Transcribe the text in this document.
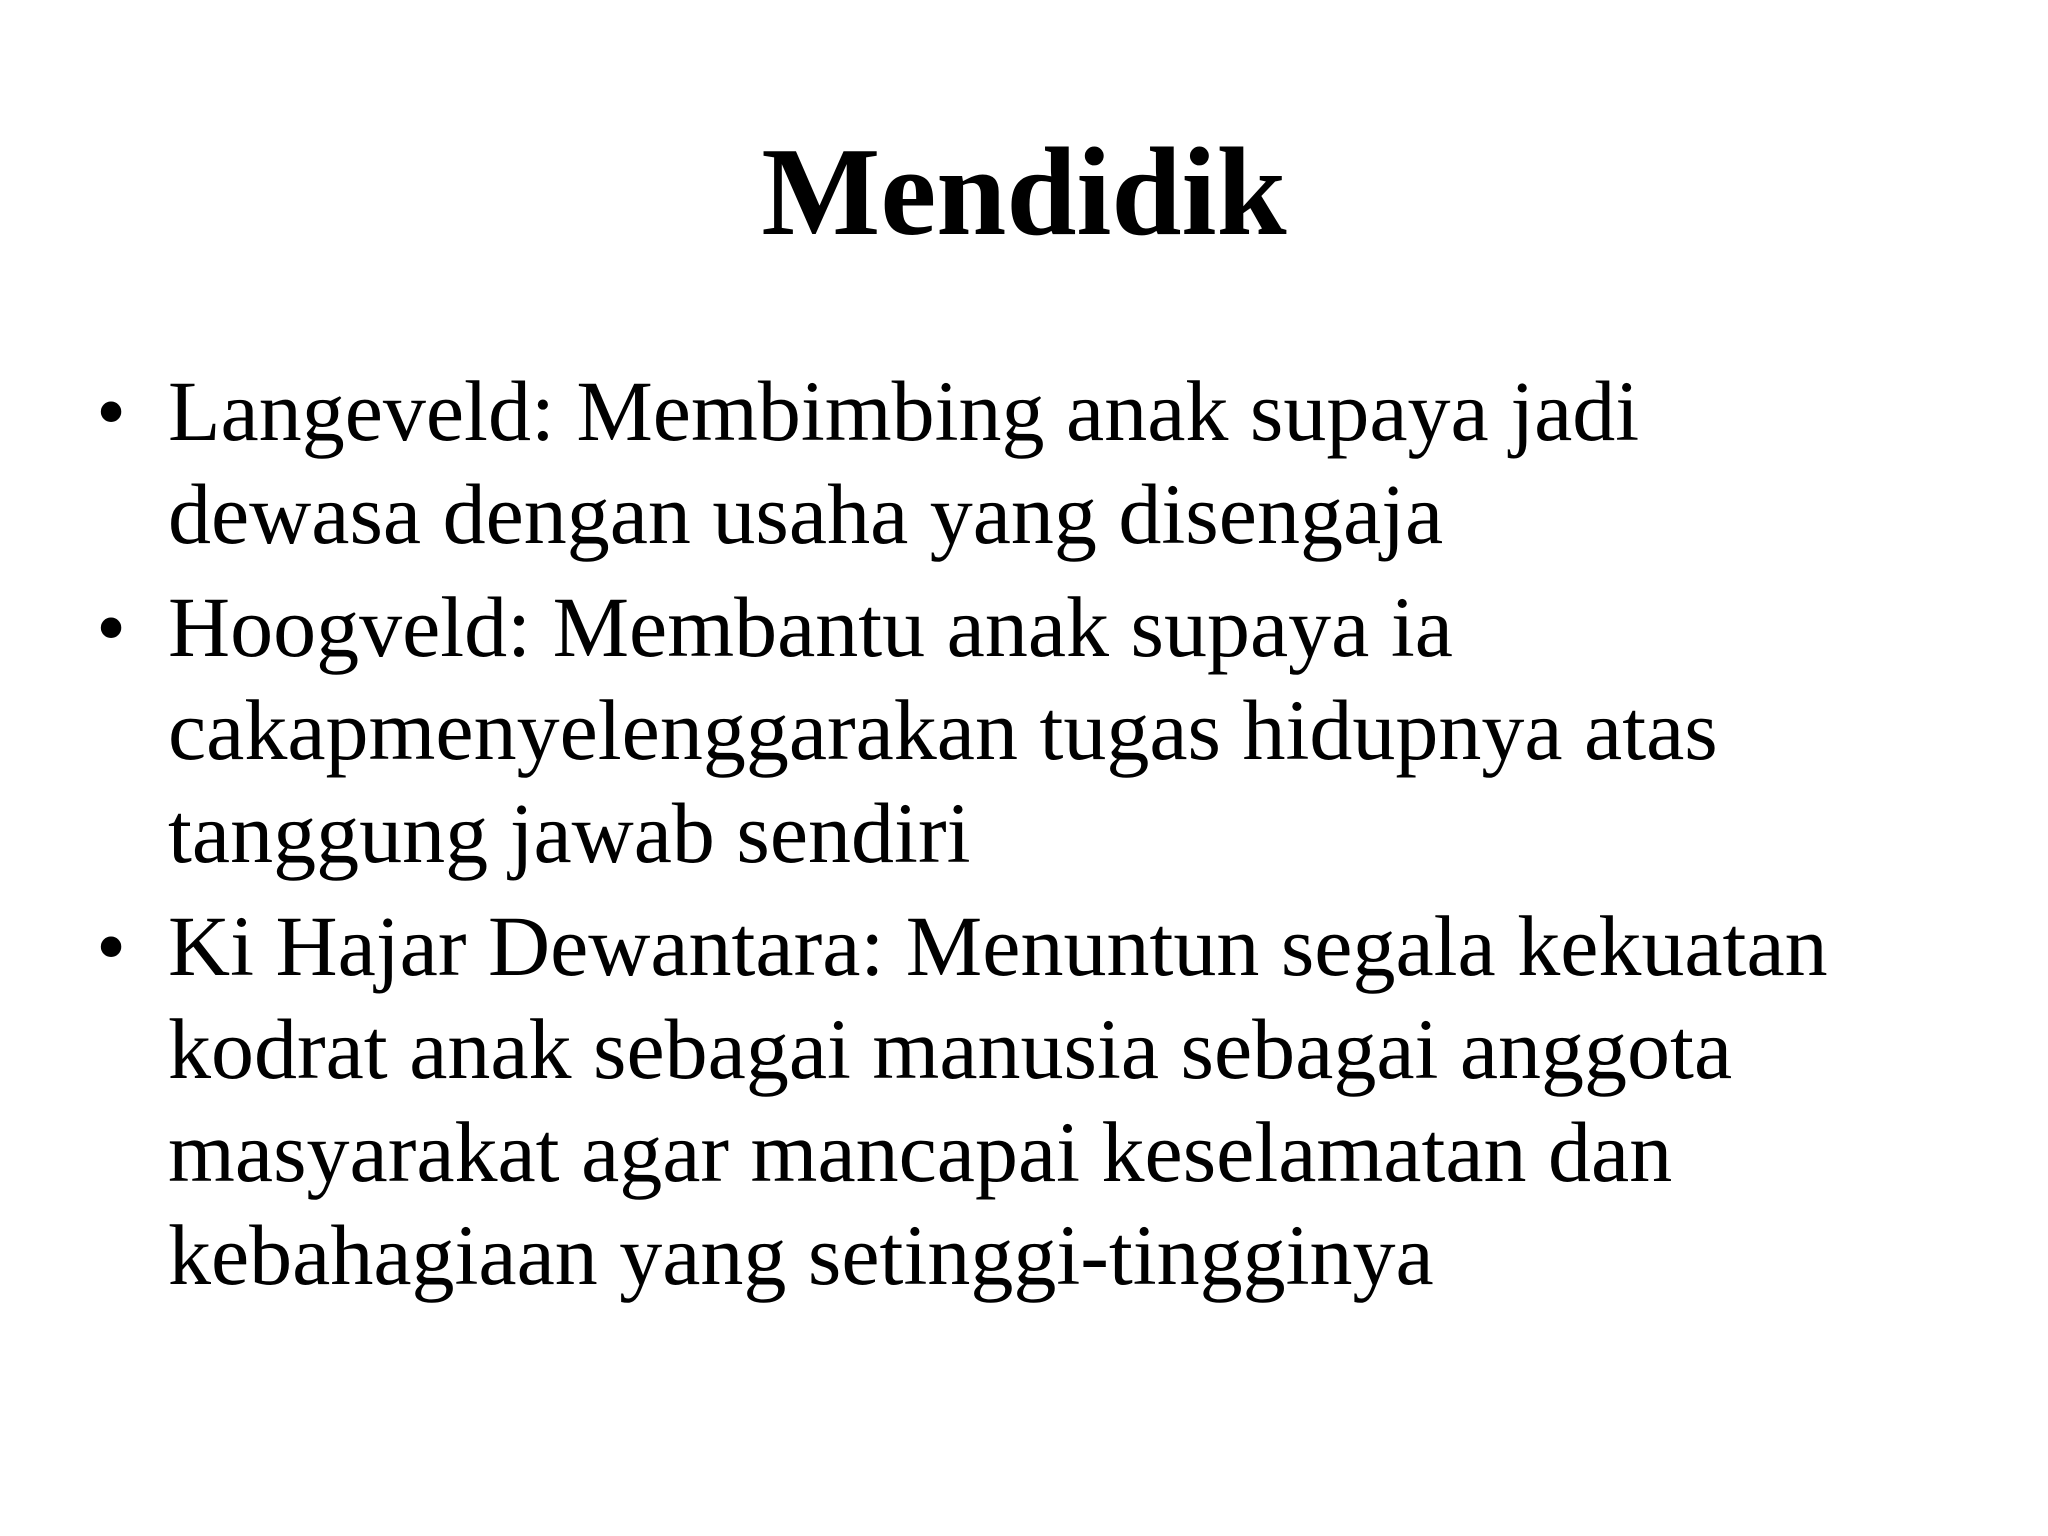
Mendidik
• Langeveld: Membimbing anak supaya jadi
dewasa dengan usaha yang disengaja
• Hoogveld: Membantu anak supaya ia
cakapmenyelenggarakan tugas hidupnya atas
tanggung jawab sendiri
• Ki Hajar Dewantara: Menuntun segala kekuatan
kodrat anak sebagai manusia sebagai anggota
masyarakat agar mancapai keselamatan dan
kebahagiaan yang setinggi-tingginya
